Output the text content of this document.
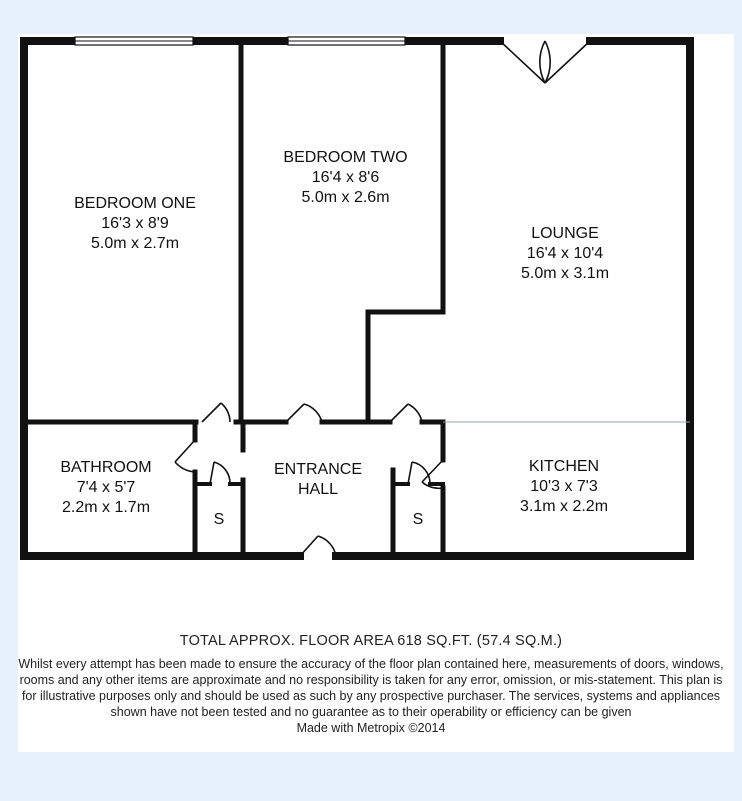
BEDROOM ONE
16'3 x 8'9
5.0m x 2.7m
BEDROOM TWO
16'4 x 8'6
5.0m x 2.6m
LOUNGE
16'4 x 10'4
5.0m x 3.1m
BATHROOM
7'4 x 5'7
2.2m x 1.7m
ENTRANCE
HALL
KITCHEN
10'3 x 7'3
3.1m x 2.2m
S	S
TOTAL APPROX. FLOOR AREA 618 SQ.FT. (57.4 SQ.M.)
Whilst every attempt has been made to ensure the accuracy of the floor plan contained here, measurements of doors, windows, rooms and any other items are approximate and no responsibility is taken for any error, omission, or mis-statement. This plan is for illustrative purposes only and should be used as such by any prospective purchaser. The services, systems and appliances shown have not been tested and no guarantee as to their operability or efficiency can be given
Made with Metropix ©2014
